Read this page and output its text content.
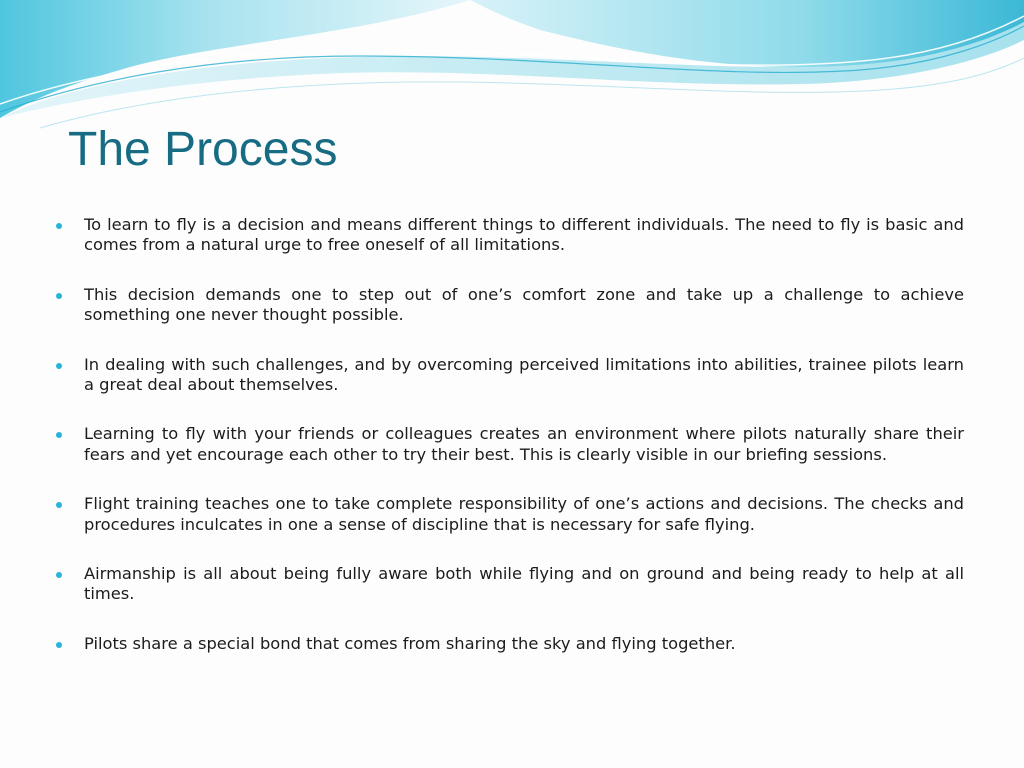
The Process
To learn to fly is a decision and means different things to different individuals. The need to fly is basic and comes from a natural urge to free oneself of all limitations.
This decision demands one to step out of one’s comfort zone and take up a challenge to achieve something one never thought possible.
In dealing with such challenges, and by overcoming perceived limitations into abilities, trainee pilots learn a great deal about themselves.
Learning to fly with your friends or colleagues creates an environment where pilots naturally share their fears and yet encourage each other to try their best. This is clearly visible in our briefing sessions.
Flight training teaches one to take complete responsibility of one’s actions and decisions. The checks and procedures inculcates in one a sense of discipline that is necessary for safe flying.
Airmanship is all about being fully aware both while flying and on ground and being ready to help at all times.
Pilots share a special bond that comes from sharing the sky and flying together.
